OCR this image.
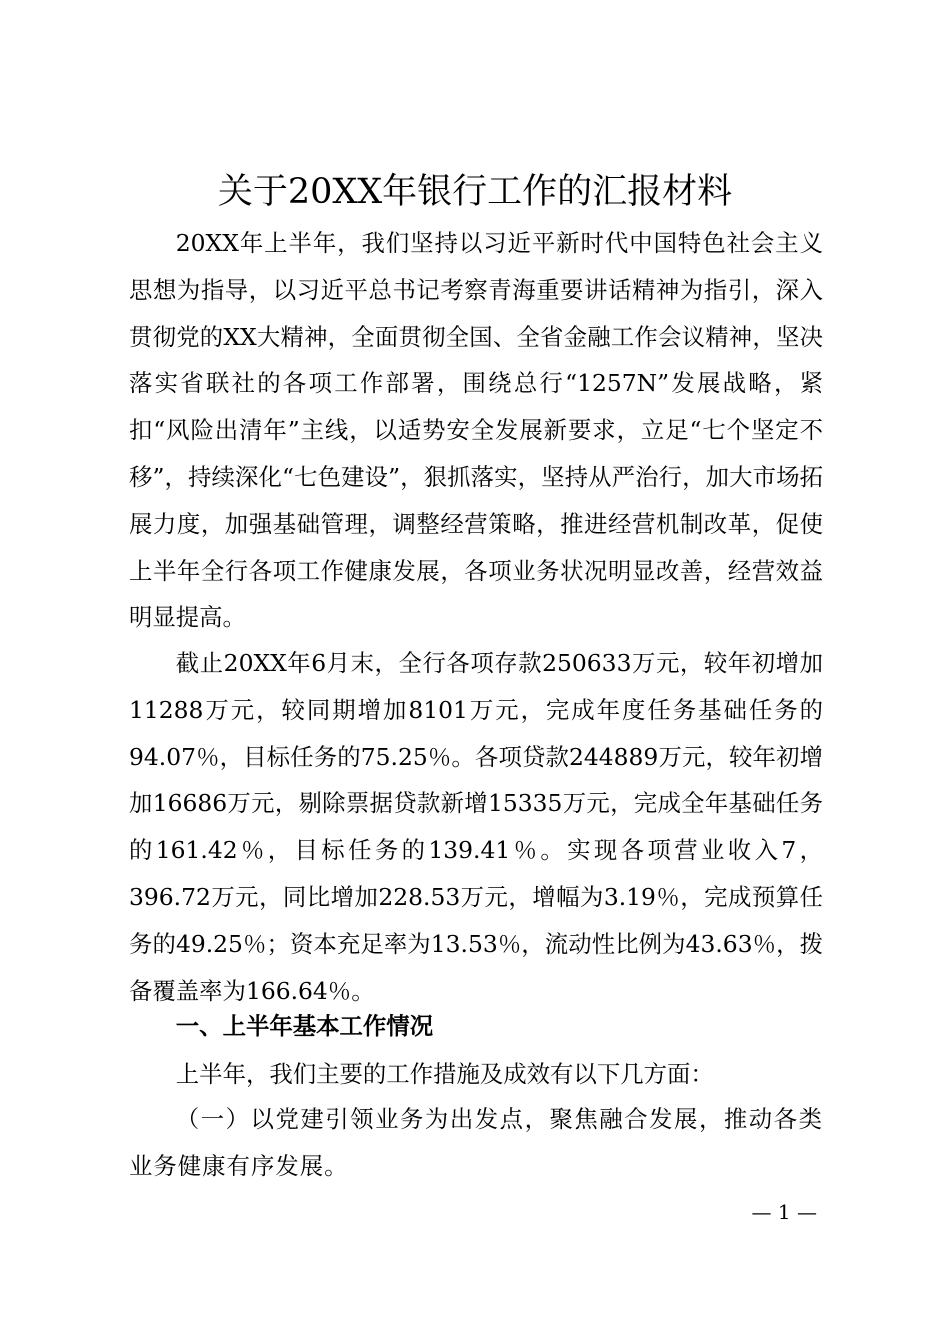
关于20XX年银行工作的汇报材料

20XX年上半年，我们坚持以习近平新时代中国特色社会主义思想为指导，以习近平总书记考察青海重要讲话精神为指引，深入贯彻党的XX大精神，全面贯彻全国、全省金融工作会议精神，坚决落实省联社的各项工作部署，围绕总行“1257N”发展战略，紧扣“风险出清年”主线，以适势安全发展新要求，立足“七个坚定不移”，持续深化“七色建设”，狠抓落实，坚持从严治行，加大市场拓展力度，加强基础管理，调整经营策略，推进经营机制改革，促使上半年全行各项工作健康发展，各项业务状况明显改善，经营效益明显提高。

截止20XX年6月末，全行各项存款250633万元，较年初增加11288万元，较同期增加8101万元，完成年度任务基础任务的94.07％，目标任务的75.25％。各项贷款244889万元，较年初增加16686万元，剔除票据贷款新增15335万元，完成全年基础任务的161.42％，目标任务的139.41％。实现各项营业收入7，396.72万元，同比增加228.53万元，增幅为3.19％，完成预算任务的49.25％；资本充足率为13.53％，流动性比例为43.63％，拨备覆盖率为166.64％。

一、上半年基本工作情况

上半年，我们主要的工作措施及成效有以下几方面：

（一）以党建引领业务为出发点，聚焦融合发展，推动各类业务健康有序发展。

— 1 —
